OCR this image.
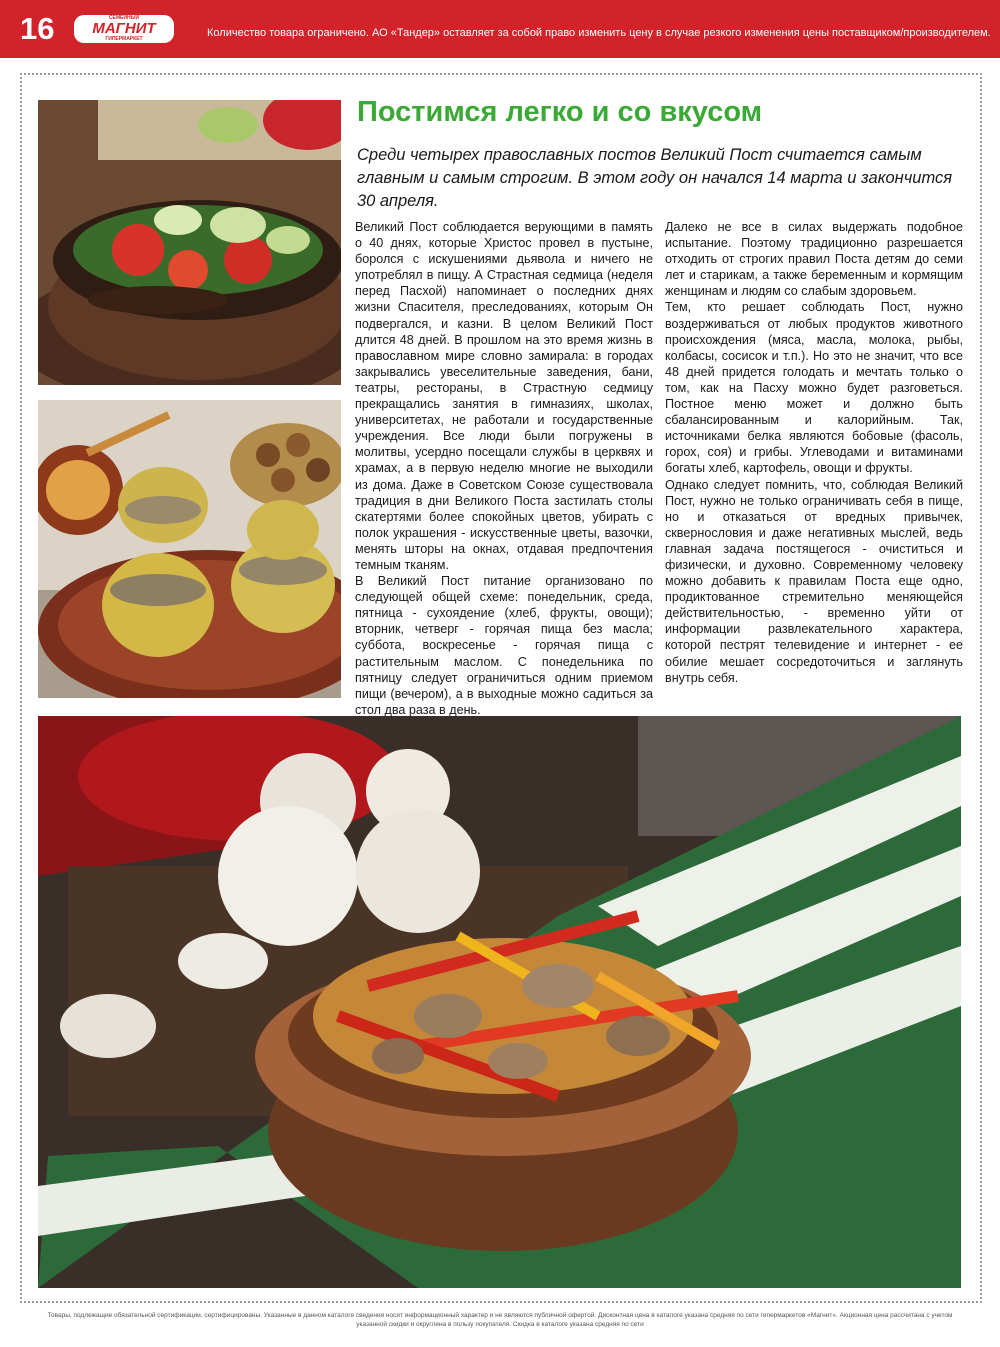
16	СЕМЕЙНЫЙ
МАГНИТ
ГИПЕРМАРКЕТ	Количество товара ограничено. АО «Тандер» оставляет за собой право изменить цену в случае резкого изменения цены поставщиком/производителем.
Постимся легко и со вкусом
Среди четырех православных постов Великий Пост считается самым главным и самым строгим. В этом году он начался 14 марта и закончится 30 апреля.

Великий Пост соблюдается верующими в память о 40 днях, которые Христос провел в пустыне, боролся с искушениями дьявола и ничего не употреблял в пищу. А Страстная седмица (неделя перед Пасхой) напоминает о последних днях жизни Спасителя, преследованиях, которым Он подвергался, и казни. В целом Великий Пост длится 48 дней. В прошлом на это время жизнь в православном мире словно замирала: в городах закрывались увеселительные заведения, бани, театры, рестораны, в Страстную седмицу прекращались занятия в гимназиях, школах, университетах, не работали и государственные учреждения. Все люди были погружены в молитвы, усердно посещали службы в церквях и храмах, а в первую неделю многие не выходили из дома. Даже в Советском Союзе существовала традиция в дни Великого Поста застилать столы скатертями более спокойных цветов, убирать с полок украшения - искусственные цветы, вазочки, менять шторы на окнах, отдавая предпочтения темным тканям.

В Великий Пост питание организовано по следующей общей схеме: понедельник, среда, пятница - сухоядение (хлеб, фрукты, овощи); вторник, четверг - горячая пища без масла; суббота, воскресенье - горячая пища с растительным маслом. С понедельника по пятницу следует ограничиться одним приемом пищи (вечером), а в выходные можно садиться за стол два раза в день.

Далеко не все в силах выдержать подобное испытание. Поэтому традиционно разрешается отходить от строгих правил Поста детям до семи лет и старикам, а также беременным и кормящим женщинам и людям со слабым здоровьем.

Тем, кто решает соблюдать Пост, нужно воздерживаться от любых продуктов животного происхождения (мяса, масла, молока, рыбы, колбасы, сосисок и т.п.). Но это не значит, что все 48 дней придется голодать и мечтать только о том, как на Пасху можно будет разговеться. Постное меню может и должно быть сбалансированным и калорийным. Так, источниками белка являются бобовые (фасоль, горох, соя) и грибы. Углеводами и витаминами богаты хлеб, картофель, овощи и фрукты.

Однако следует помнить, что, соблюдая Великий Пост, нужно не только ограничивать себя в пище, но и отказаться от вредных привычек, сквернословия и даже негативных мыслей, ведь главная задача постящегося - очиститься и физически, и духовно. Современному человеку можно добавить к правилам Поста еще одно, продиктованное стремительно меняющейся действительностью, - временно уйти от информации развлекательного характера, которой пестрят телевидение и интернет - ее обилие мешает сосредоточиться и заглянуть внутрь себя.

Товары, подлежащие обязательной сертификации, сертифицированы. Указанные в данном каталоге сведения носят информационный характер и не являются публичной офертой. Дисконтная цена в каталоге указана средняя по сети гипермаркетов «Магнит». Акционная цена рассчитана с учетом указанной скидки и округлена в пользу покупателя. Скидка в каталоге указана средняя по сети
